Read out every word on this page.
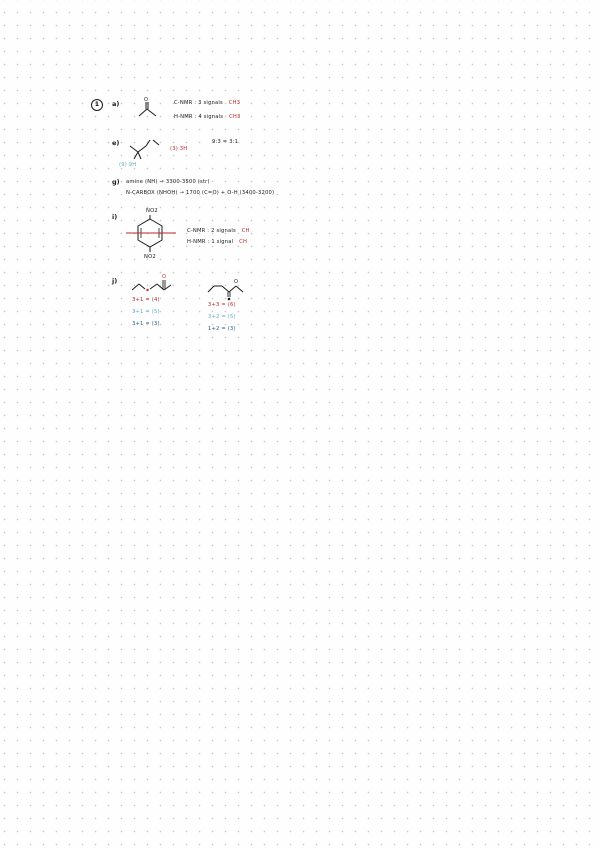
1	a)	O	C-NMR : 3 signals CH3
H-NMR : 4 signals CH3
e)
(3) 3H
(9) 9H
9:3 = 3:1
g) amine (NH) → 3300-3500 (str)
N-CARBOX (NHOH) → 1700 (C=O) + O-H (3400-3200)
i)
NO2
NO2
C-NMR : 2 signals CH
H-NMR : 1 signal CH
j)	O
3+1 = (4)
3+1 = (5)
3+1 = (3)
O
3+3 = (6)
3+2 = (5)
1+2 = (3)
